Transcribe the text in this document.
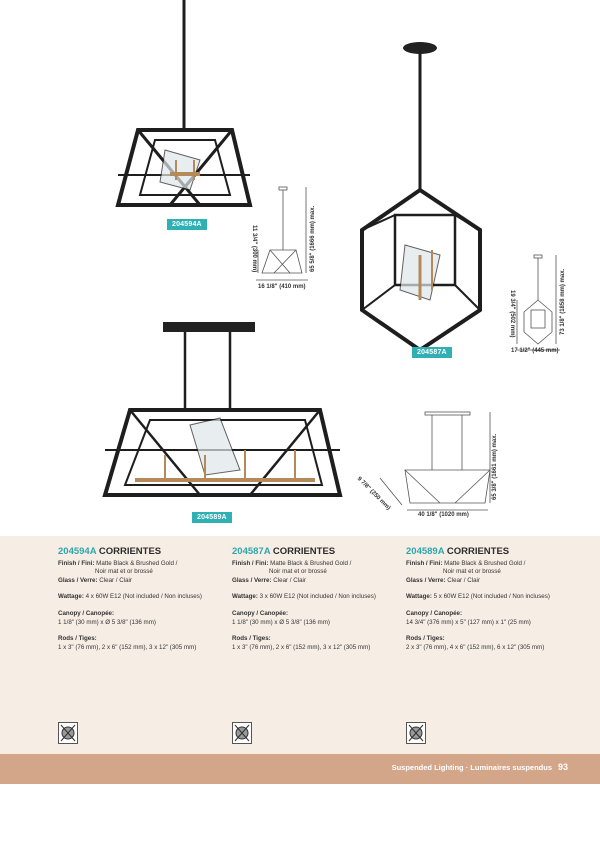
204594A
204587A
204589A
65 5/8" (1666 mm) max.
11 3/4" (300 mm)
16 1/8" (410 mm)	73 1/8" (1858 mm) max.
19 3/4" (502 mm)
17 1/2" (445 mm)
65 3/8" (1661 mm) max.
9 7/8" (250 mm)
40 1/8" (1020 mm)
204594A CORRIENTES
Finish / Fini: Matte Black & Brushed Gold /
Noir mat et or brossé
Glass / Verre: Clear / Clair
Wattage: 4 x 60W E12 (Not included / Non incluses)
Canopy / Canopée:
1 1/8" (30 mm) x Ø 5 3/8" (136 mm)
Rods / Tiges:
1 x 3" (76 mm), 2 x 6" (152 mm), 3 x 12" (305 mm)
204587A CORRIENTES
Finish / Fini: Matte Black & Brushed Gold /
Noir mat et or brossé
Glass / Verre: Clear / Clair
Wattage: 3 x 60W E12 (Not included / Non incluses)
Canopy / Canopée:
1 1/8" (30 mm) x Ø 5 3/8" (136 mm)
Rods / Tiges:
1 x 3" (76 mm), 2 x 6" (152 mm), 3 x 12" (305 mm)
204589A CORRIENTES
Finish / Fini: Matte Black & Brushed Gold /
Noir mat et or brossé
Glass / Verre: Clear / Clair
Wattage: 5 x 60W E12 (Not included / Non incluses)
Canopy / Canopée:
14 3/4" (376 mm) x 5" (127 mm) x 1" (25 mm)
Rods / Tiges:
2 x 3" (76 mm), 4 x 6" (152 mm), 6 x 12" (305 mm)
Suspended Lighting · Luminaires suspendus 93
